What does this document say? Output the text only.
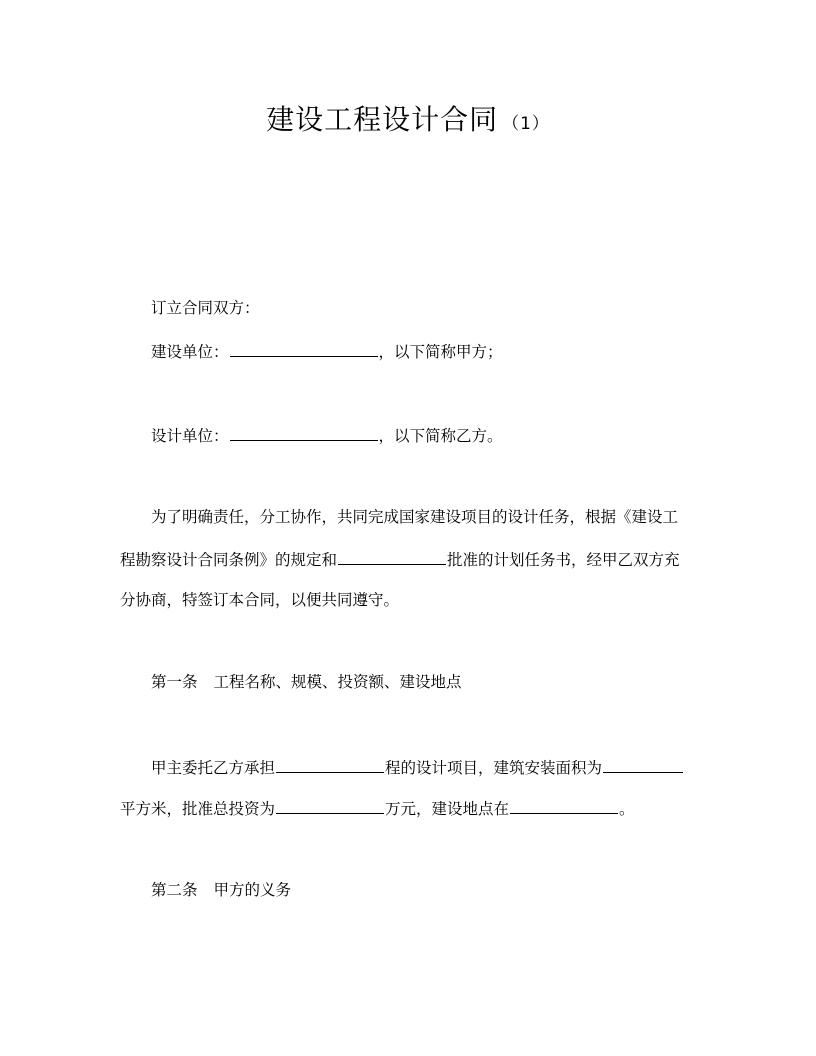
建设工程设计合同 （1）
订立合同双方：
建设单位：	，以下简称甲方；
设计单位：	，以下简称乙方。
为了明确责任，分工协作，共同完成国家建设项目的设计任务，根据《建设工
程勘察设计合同条例》的规定和	批准的计划任务书，经甲乙双方充
分协商，特签订本合同，以便共同遵守。
第一条 工程名称、规模、投资额、建设地点
甲主委托乙方承担	程的设计项目，建筑安装面积为
平方米，批准总投资为	万元，建设地点在	。
第二条 甲方的义务
